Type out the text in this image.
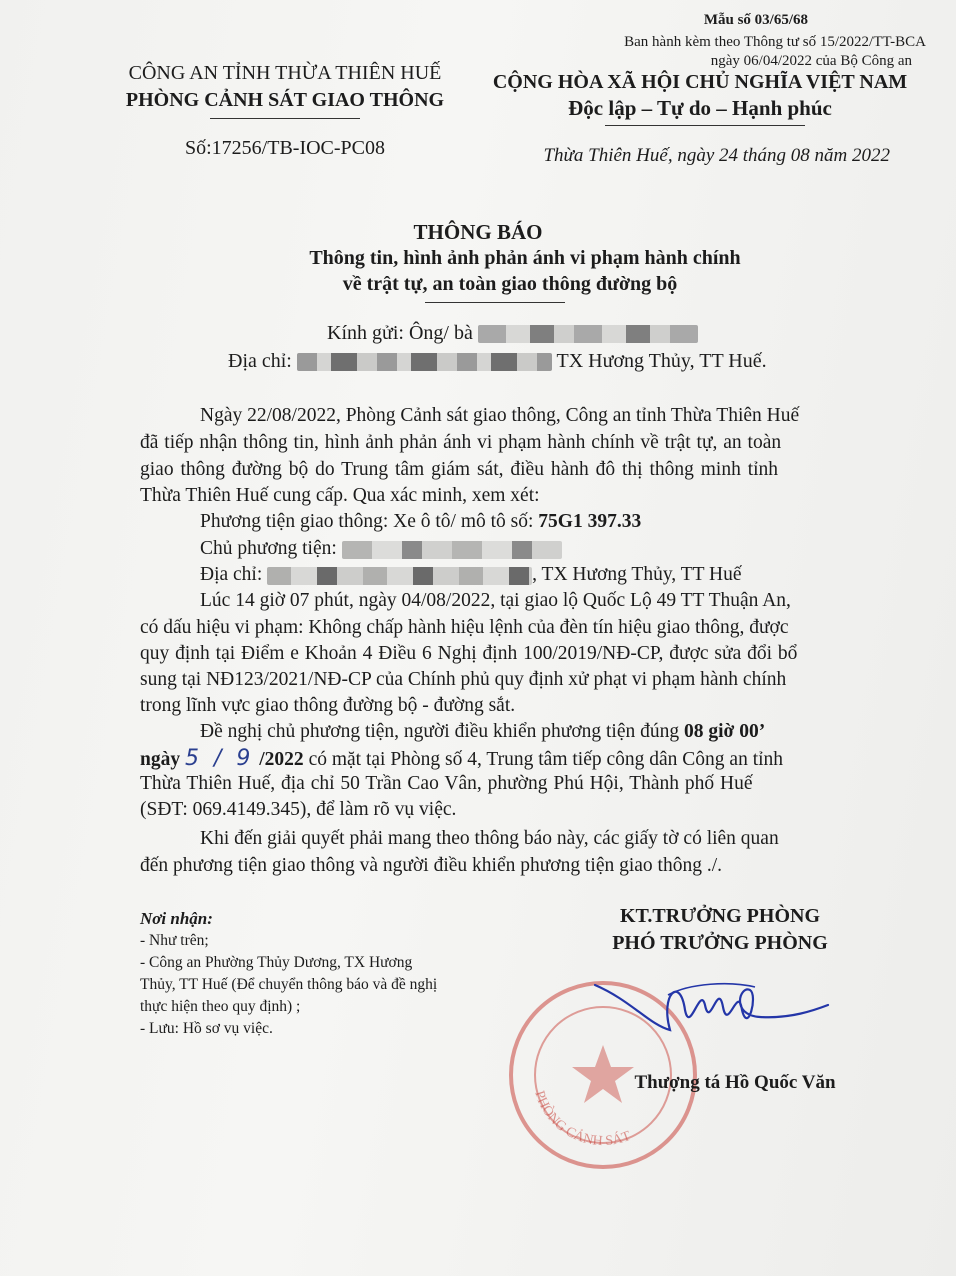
Mẫu số 03/65/68
Ban hành kèm theo Thông tư số 15/2022/TT-BCA
ngày 06/04/2022 của Bộ Công an
CÔNG AN TỈNH THỪA THIÊN HUẾ
PHÒNG CẢNH SÁT GIAO THÔNG
Số:17256/TB-IOC-PC08
CỘNG HÒA XÃ HỘI CHỦ NGHĨA VIỆT NAM
Độc lập – Tự do – Hạnh phúc
Thừa Thiên Huế, ngày 24 tháng 08 năm 2022
THÔNG BÁO
Thông tin, hình ảnh phản ánh vi phạm hành chính
về trật tự, an toàn giao thông đường bộ
Kính gửi: Ông/ bà
Địa chỉ:	TX Hương Thủy, TT Huế.
Ngày 22/08/2022, Phòng Cảnh sát giao thông, Công an tỉnh Thừa Thiên Huế
đã tiếp nhận thông tin, hình ảnh phản ánh vi phạm hành chính về trật tự, an toàn
giao thông đường bộ do Trung tâm giám sát, điều hành đô thị thông minh tỉnh
Thừa Thiên Huế cung cấp. Qua xác minh, xem xét:
Phương tiện giao thông: Xe ô tô/ mô tô số: 75G1 397.33
Chủ phương tiện:
Địa chỉ:	, TX Hương Thủy, TT Huế
Lúc 14 giờ 07 phút, ngày 04/08/2022, tại giao lộ Quốc Lộ 49 TT Thuận An,
có dấu hiệu vi phạm: Không chấp hành hiệu lệnh của đèn tín hiệu giao thông, được
quy định tại Điểm e Khoản 4 Điều 6 Nghị định 100/2019/NĐ-CP, được sửa đổi bổ
sung tại NĐ123/2021/NĐ-CP của Chính phủ quy định xử phạt vi phạm hành chính
trong lĩnh vực giao thông đường bộ - đường sắt.
Đề nghị chủ phương tiện, người điều khiển phương tiện đúng 08 giờ 00’
ngày 5 / 9 /2022 có mặt tại Phòng số 4, Trung tâm tiếp công dân Công an tỉnh
Thừa Thiên Huế, địa chỉ 50 Trần Cao Vân, phường Phú Hội, Thành phố Huế
(SĐT: 069.4149.345), để làm rõ vụ việc.
Khi đến giải quyết phải mang theo thông báo này, các giấy tờ có liên quan
đến phương tiện giao thông và người điều khiển phương tiện giao thông ./.
Nơi nhận:
- Như trên;
- Công an Phường Thủy Dương, TX Hương
Thủy, TT Huế (Để chuyển thông báo và đề nghị
thực hiện theo quy định) ;
- Lưu: Hồ sơ vụ việc.
KT.TRƯỞNG PHÒNG
PHÓ TRƯỞNG PHÒNG
PHÒNG CẢNH SÁT
Thượng tá Hồ Quốc Văn
